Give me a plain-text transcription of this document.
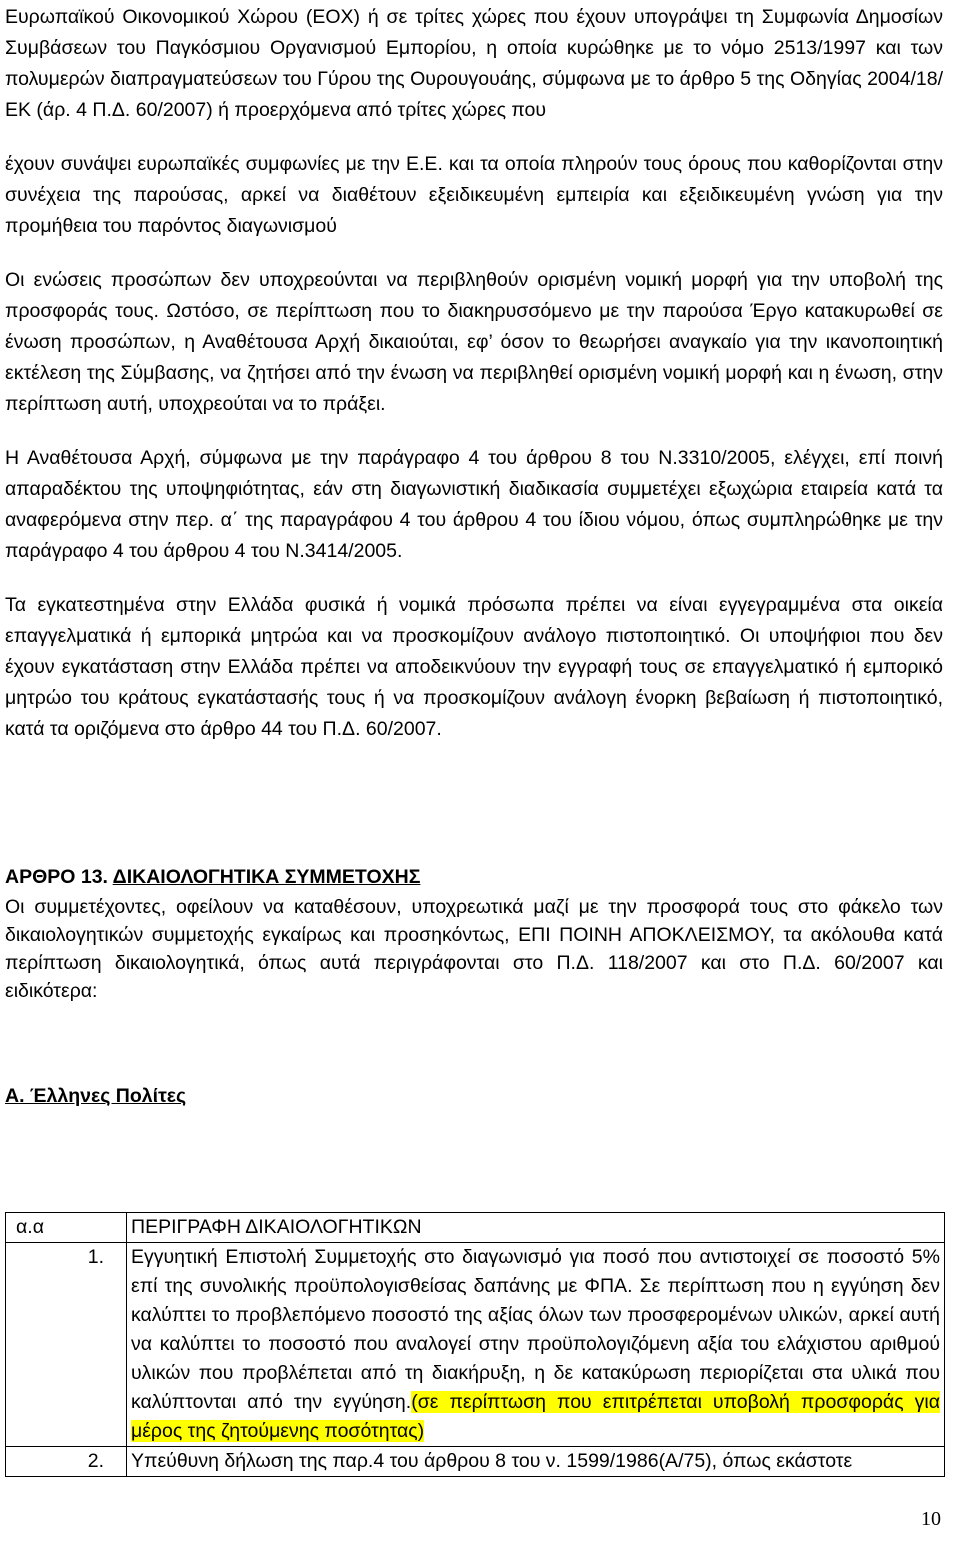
Ευρωπαϊκού Οικονομικού Χώρου (ΕΟΧ) ή σε τρίτες χώρες που έχουν υπογράψει τη Συμφωνία Δημοσίων Συμβάσεων του Παγκόσμιου Οργανισμού Εμπορίου, η οποία κυρώθηκε με το νόμο 2513/1997 και των πολυμερών διαπραγματεύσεων του Γύρου της Ουρουγουάης, σύμφωνα με το άρθρο 5 της Οδηγίας 2004/18/ΕΚ (άρ. 4 Π.Δ. 60/2007) ή προερχόμενα από τρίτες χώρες που

έχουν συνάψει ευρωπαϊκές συμφωνίες με την Ε.Ε. και τα οποία πληρούν τους όρους που καθορίζονται στην συνέχεια της παρούσας, αρκεί να διαθέτουν εξειδικευμένη εμπειρία και εξειδικευμένη γνώση για την προμήθεια του παρόντος διαγωνισμού

Οι ενώσεις προσώπων δεν υποχρεούνται να περιβληθούν ορισμένη νομική μορφή για την υποβολή της προσφοράς τους. Ωστόσο, σε περίπτωση που το διακηρυσσόμενο με την παρούσα Έργο κατακυρωθεί σε ένωση προσώπων, η Αναθέτουσα Αρχή δικαιούται, εφ’ όσον το θεωρήσει αναγκαίο για την ικανοποιητική εκτέλεση της Σύμβασης, να ζητήσει από την ένωση να περιβληθεί ορισμένη νομική μορφή και η ένωση, στην περίπτωση αυτή, υποχρεούται να το πράξει.

Η Αναθέτουσα Αρχή, σύμφωνα με την παράγραφο 4 του άρθρου 8 του Ν.3310/2005, ελέγχει, επί ποινή απαραδέκτου της υποψηφιότητας, εάν στη διαγωνιστική διαδικασία συμμετέχει εξωχώρια εταιρεία κατά τα αναφερόμενα στην περ. α΄ της παραγράφου 4 του άρθρου 4 του ίδιου νόμου, όπως συμπληρώθηκε με την παράγραφο 4 του άρθρου 4 του Ν.3414/2005.

Τα εγκατεστημένα στην Ελλάδα φυσικά ή νομικά πρόσωπα πρέπει να είναι εγγεγραμμένα στα οικεία επαγγελματικά ή εμπορικά μητρώα και να προσκομίζουν ανάλογο πιστοποιητικό. Οι υποψήφιοι που δεν έχουν εγκατάσταση στην Ελλάδα πρέπει να αποδεικνύουν την εγγραφή τους σε επαγγελματικό ή εμπορικό μητρώο του κράτους εγκατάστασής τους ή να προσκομίζουν ανάλογη ένορκη βεβαίωση ή πιστοποιητικό, κατά τα οριζόμενα στο άρθρο 44 του Π.Δ. 60/2007.

ΑΡΘΡΟ 13. ΔΙΚΑΙΟΛΟΓΗΤΙΚΑ ΣΥΜΜΕΤΟΧΗΣ

Οι συμμετέχοντες, οφείλουν να καταθέσουν, υποχρεωτικά μαζί με την προσφορά τους στο φάκελο των δικαιολογητικών συμμετοχής εγκαίρως και προσηκόντως, ΕΠΙ ΠΟΙΝΗ ΑΠΟΚΛΕΙΣΜΟΥ, τα ακόλουθα κατά περίπτωση δικαιολογητικά, όπως αυτά περιγράφονται στο Π.Δ. 118/2007 και στο Π.Δ. 60/2007 και ειδικότερα:

Α. Έλληνες Πολίτες
α.α	ΠΕΡΙΓΡΑΦΗ ΔΙΚΑΙΟΛΟΓΗΤΙΚΩΝ
1.	Εγγυητική Επιστολή Συμμετοχής στο διαγωνισμό για ποσό που αντιστοιχεί σε ποσοστό 5% επί της συνολικής προϋπολογισθείσας δαπάνης με ΦΠΑ. Σε περίπτωση που η εγγύηση δεν καλύπτει το προβλεπόμενο ποσοστό της αξίας όλων των προσφερομένων υλικών, αρκεί αυτή να καλύπτει το ποσοστό που αναλογεί στην προϋπολογιζόμενη αξία του ελάχιστου αριθμού υλικών που προβλέπεται από τη διακήρυξη, η δε κατακύρωση περιορίζεται στα υλικά που καλύπτονται από την εγγύηση.(σε περίπτωση που επιτρέπεται υποβολή προσφοράς για μέρος της ζητούμενης ποσότητας)
2.	Υπεύθυνη δήλωση της παρ.4 του άρθρου 8 του ν. 1599/1986(Α/75), όπως εκάστοτε
10
